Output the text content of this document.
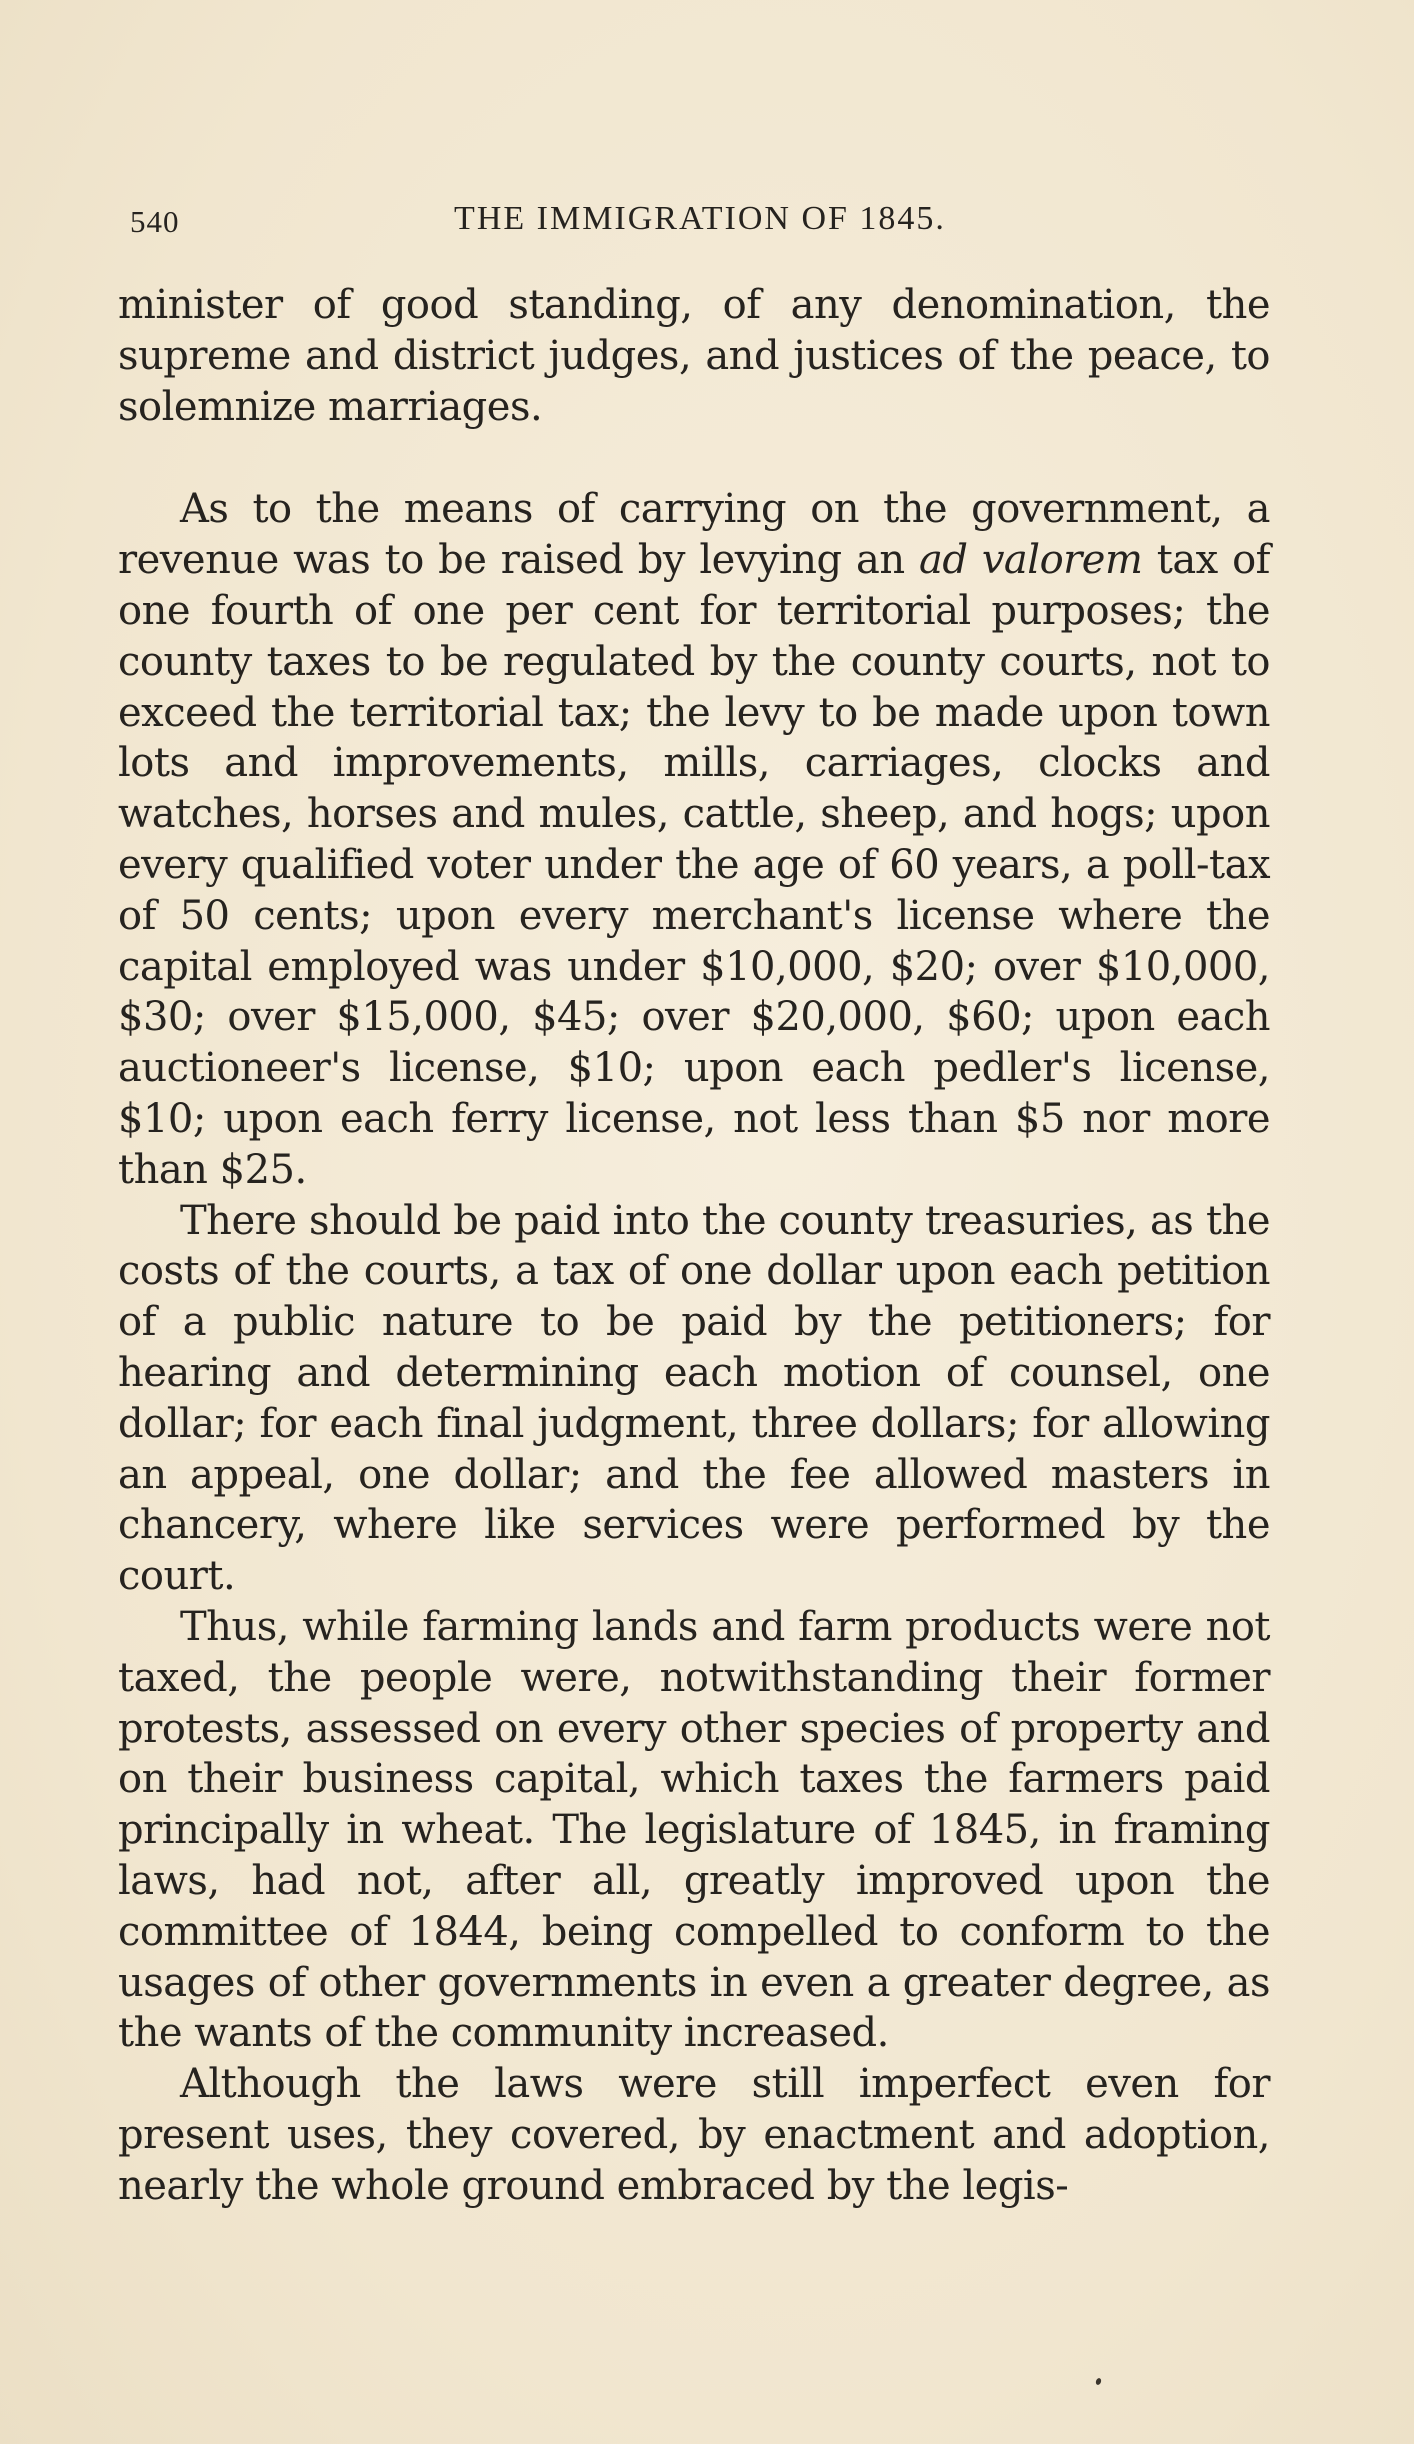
540	THE IMMIGRATION OF 1845.

minister of good standing, of any denomination, the supreme and district judges, and justices of the peace, to solemnize marriages.

As to the means of carrying on the government, a revenue was to be raised by levying an ad valorem tax of one fourth of one per cent for territorial purposes; the county taxes to be regulated by the county courts, not to exceed the territorial tax; the levy to be made upon town lots and improvements, mills, carriages, clocks and watches, horses and mules, cattle, sheep, and hogs; upon every qualified voter under the age of 60 years, a poll-tax of 50 cents; upon every merchant's license where the capital employed was under $10,000, $20; over $10,000, $30; over $15,000, $45; over $20,000, $60; upon each auctioneer's license, $10; upon each pedler's license, $10; upon each ferry license, not less than $5 nor more than $25.

There should be paid into the county treasuries, as the costs of the courts, a tax of one dollar upon each petition of a public nature to be paid by the petitioners; for hearing and determining each motion of counsel, one dollar; for each final judgment, three dollars; for allowing an appeal, one dollar; and the fee allowed masters in chancery, where like services were performed by the court.

Thus, while farming lands and farm products were not taxed, the people were, notwithstanding their former protests, assessed on every other species of property and on their business capital, which taxes the farmers paid principally in wheat. The legislature of 1845, in framing laws, had not, after all, greatly improved upon the committee of 1844, being compelled to conform to the usages of other governments in even a greater degree, as the wants of the community increased.

Although the laws were still imperfect even for present uses, they covered, by enactment and adoption, nearly the whole ground embraced by the legis-
